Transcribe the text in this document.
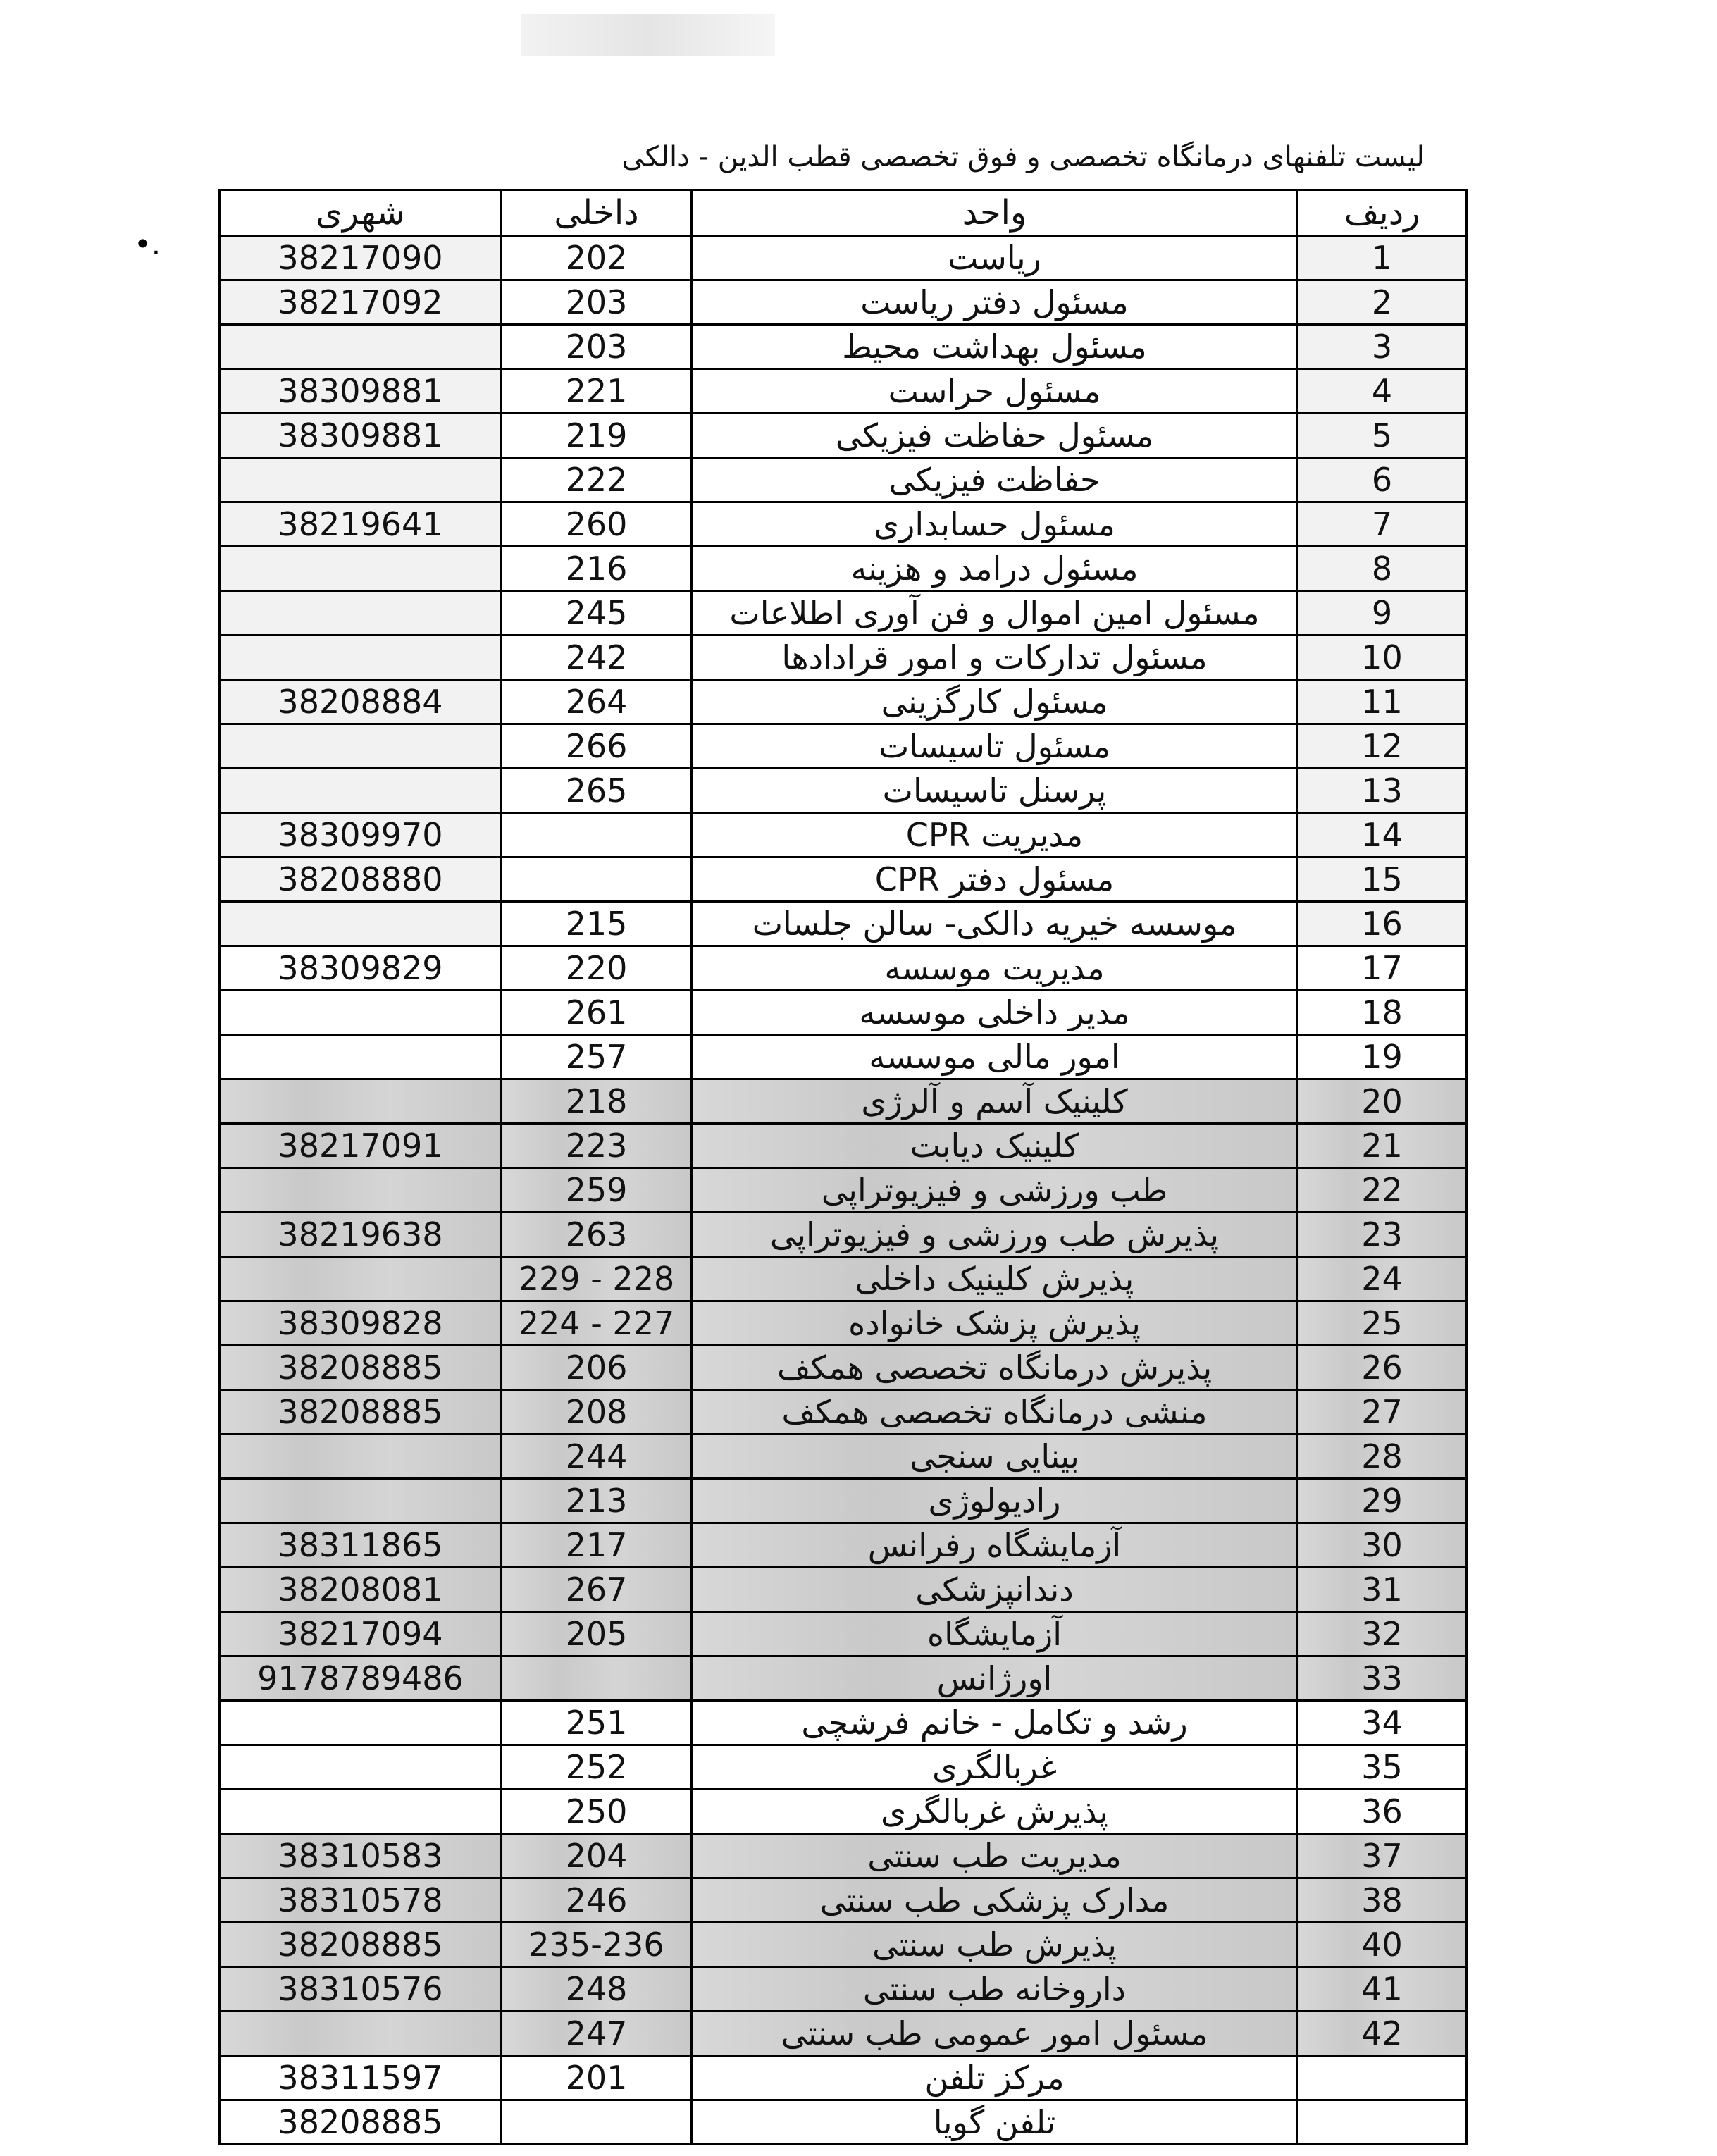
•.
لیست تلفنهای درمانگاه تخصصی و فوق تخصصی قطب الدین - دالکی
ردیف	واحد	داخلی	شهری
1	ریاست	202	38217090
2	مسئول دفتر ریاست	203	38217092
3	مسئول بهداشت محیط	203	
4	مسئول حراست	221	38309881
5	مسئول حفاظت فیزیکی	219	38309881
6	حفاظت فیزیکی	222	
7	مسئول حسابداری	260	38219641
8	مسئول درامد و هزینه	216	
9	مسئول امین اموال و فن آوری اطلاعات	245	
10	مسئول تدارکات و امور قرادادها	242	
11	مسئول کارگزینی	264	38208884
12	مسئول تاسیسات	266	
13	پرسنل تاسیسات	265	
14	مدیریت CPR		38309970
15	مسئول دفتر CPR		38208880
16	موسسه خیریه دالکی- سالن جلسات	215	
17	مدیریت موسسه	220	38309829
18	مدیر داخلی موسسه	261	
19	امور مالی موسسه	257	
20	کلینیک آسم و آلرژی	218	
21	کلینیک دیابت	223	38217091
22	طب ورزشی و فیزیوتراپی	259	
23	پذیرش طب ورزشی و فیزیوتراپی	263	38219638
24	پذیرش کلینیک داخلی	228 - 229	
25	پذیرش پزشک خانواده	227 - 224	38309828
26	پذیرش درمانگاه تخصصی همکف	206	38208885
27	منشی درمانگاه تخصصی همکف	208	38208885
28	بینایی سنجی	244	
29	رادیولوژی	213	
30	آزمایشگاه رفرانس	217	38311865
31	دندانپزشکی	267	38208081
32	آزمایشگاه	205	38217094
33	اورژانس		9178789486
34	رشد و تکامل - خانم فرشچی	251	
35	غربالگری	252	
36	پذیرش غربالگری	250	
37	مدیریت طب سنتی	204	38310583
38	مدارک پزشکی طب سنتی	246	38310578
40	پذیرش طب سنتی	235-236	38208885
41	داروخانه طب سنتی	248	38310576
42	مسئول امور عمومی طب سنتی	247	
	مرکز تلفن	201	38311597
	تلفن گویا		38208885
